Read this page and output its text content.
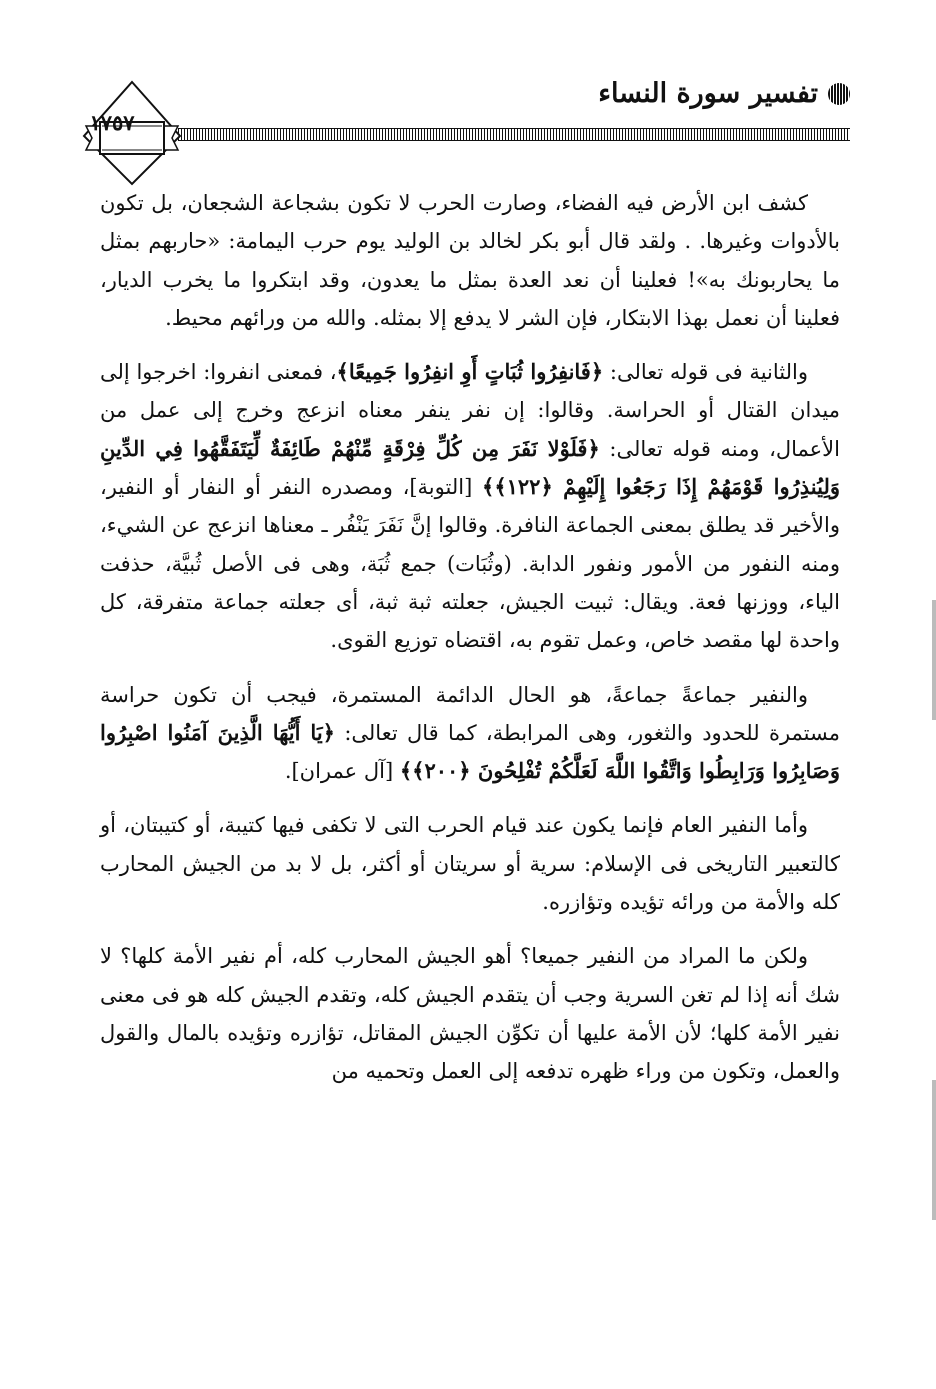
تفسير سورة النساء
١٧٥٧

كشف ابن الأرض فيه الفضاء، وصارت الحرب لا تكون بشجاعة الشجعان، بل تكون بالأدوات وغيرها. . ولقد قال أبو بكر لخالد بن الوليد يوم حرب اليمامة: «حاربهم بمثل ما يحاربونك به»! فعلينا أن نعد العدة بمثل ما يعدون، وقد ابتكروا ما يخرب الديار، فعلينا أن نعمل بهذا الابتكار، فإن الشر لا يدفع إلا بمثله. والله من ورائهم محيط.

والثانية فى قوله تعالى: ﴿فَانفِرُوا ثُبَاتٍ أَوِ انفِرُوا جَمِيعًا﴾، فمعنى انفروا: اخرجوا إلى ميدان القتال أو الحراسة. وقالوا: إن نفر ينفر معناه انزعج وخرج إلى عمل من الأعمال، ومنه قوله تعالى: ﴿فَلَوْلا نَفَرَ مِن كُلِّ فِرْقَةٍ مِّنْهُمْ طَائِفَةٌ لِّيَتَفَقَّهُوا فِي الدِّينِ وَلِيُنذِرُوا قَوْمَهُمْ إِذَا رَجَعُوا إِلَيْهِمْ ﴿١٢٢﴾﴾ [التوبة]، ومصدره النفر أو النفار أو النفير، والأخير قد يطلق بمعنى الجماعة النافرة. وقالوا إنَّ نَفَرَ يَنْفُر ـ معناها انزعج عن الشيء، ومنه النفور من الأمور ونفور الدابة. (وثُبَات) جمع ثُبَة، وهى فى الأصل ثُبيَّة، حذفت الياء، ووزنها فعة. ويقال: ثبيت الجيش، جعلته ثبة ثبة، أى جعلته جماعة متفرقة، كل واحدة لها مقصد خاص، وعمل تقوم به، اقتضاه توزيع القوى.

والنفير جماعةً جماعةً، هو الحال الدائمة المستمرة، فيجب أن تكون حراسة مستمرة للحدود والثغور، وهى المرابطة، كما قال تعالى: ﴿يَا أَيُّهَا الَّذِينَ آمَنُوا اصْبِرُوا وَصَابِرُوا وَرَابِطُوا وَاتَّقُوا اللَّهَ لَعَلَّكُمْ تُفْلِحُونَ ﴿٢٠٠﴾﴾ [آل عمران].

وأما النفير العام فإنما يكون عند قيام الحرب التى لا تكفى فيها كتيبة، أو كتيبتان، أو كالتعبير التاريخى فى الإسلام: سرية أو سريتان أو أكثر، بل لا بد من الجيش المحارب كله والأمة من ورائه تؤيده وتؤازره.

ولكن ما المراد من النفير جميعا؟ أهو الجيش المحارب كله، أم نفير الأمة كلها؟ لا شك أنه إذا لم تغن السرية وجب أن يتقدم الجيش كله، وتقدم الجيش كله هو فى معنى نفير الأمة كلها؛ لأن الأمة عليها أن تكوِّن الجيش المقاتل، تؤازره وتؤيده بالمال والقول والعمل، وتكون من وراء ظهره تدفعه إلى العمل وتحميه من
